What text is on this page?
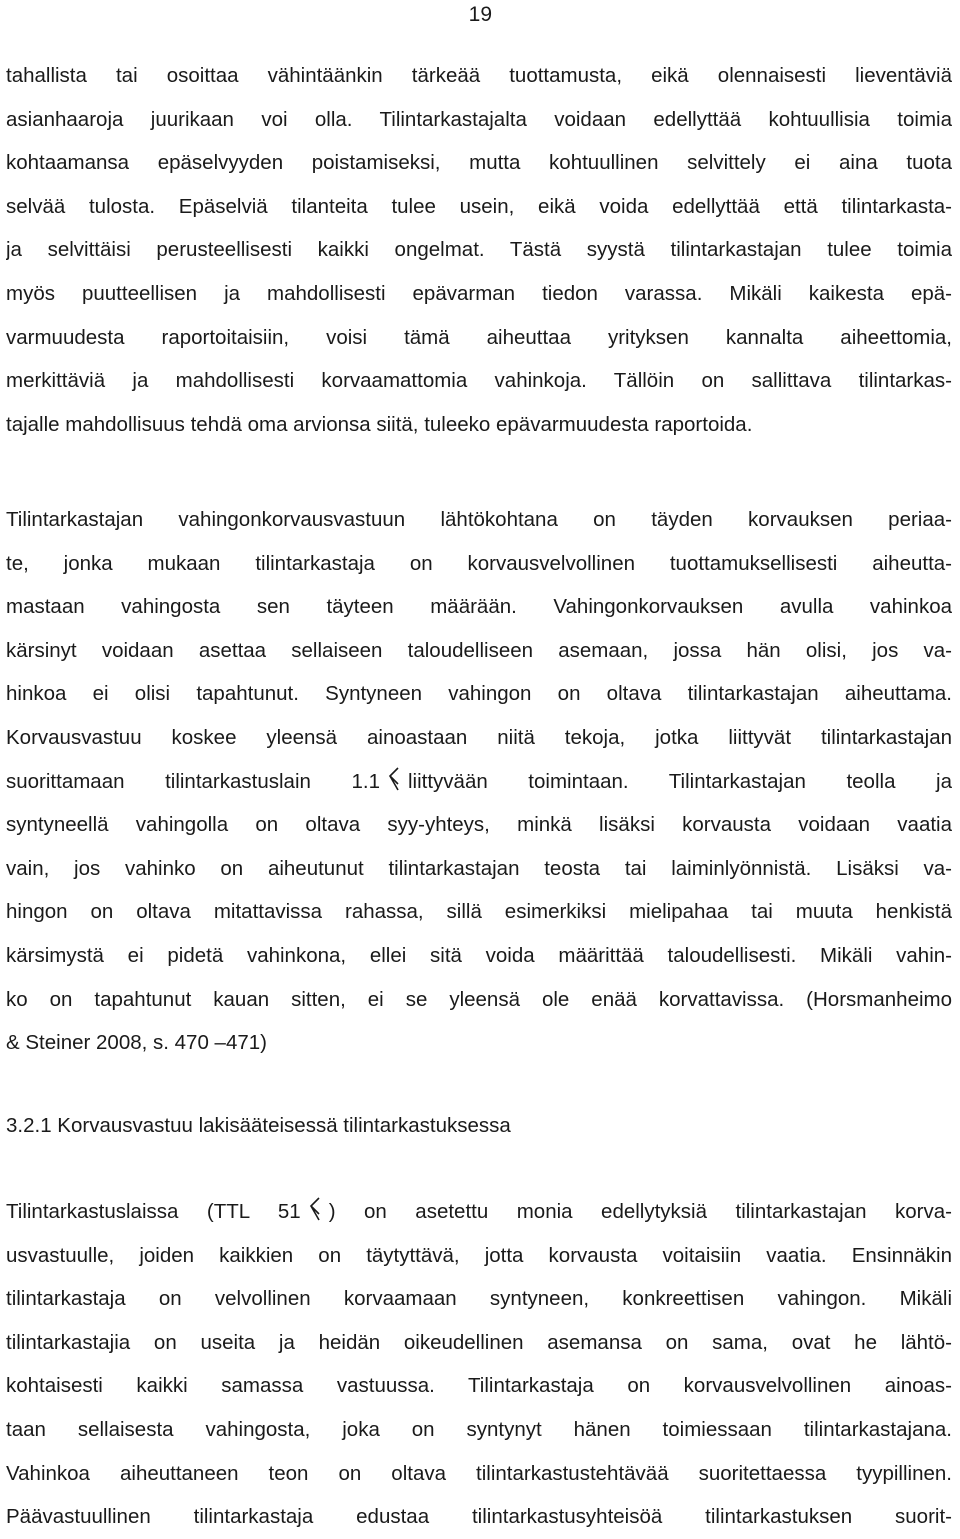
19
tahallista tai osoittaa vähintäänkin tärkeää tuottamusta, eikä olennaisesti lieventäviä
asianhaaroja juurikaan voi olla. Tilintarkastajalta voidaan edellyttää kohtuullisia toimia
kohtaamansa epäselvyyden poistamiseksi, mutta kohtuullinen selvittely ei aina tuota
selvää tulosta. Epäselviä tilanteita tulee usein, eikä voida edellyttää että tilintarkasta-
ja selvittäisi perusteellisesti kaikki ongelmat. Tästä syystä tilintarkastajan tulee toimia
myös puutteellisen ja mahdollisesti epävarman tiedon varassa. Mikäli kaikesta epä-
varmuudesta raportoitaisiin, voisi tämä aiheuttaa yrityksen kannalta aiheettomia,
merkittäviä ja mahdollisesti korvaamattomia vahinkoja. Tällöin on sallittava tilintarkas-
tajalle mahdollisuus tehdä oma arvionsa siitä, tuleeko epävarmuudesta raportoida.
Tilintarkastajan vahingonkorvausvastuun lähtökohtana on täyden korvauksen periaa-
te, jonka mukaan tilintarkastaja on korvausvelvollinen tuottamuksellisesti aiheutta-
mastaan vahingosta sen täyteen määrään. Vahingonkorvauksen avulla vahinkoa
kärsinyt voidaan asettaa sellaiseen taloudelliseen asemaan, jossa hän olisi, jos va-
hinkoa ei olisi tapahtunut. Syntyneen vahingon on oltava tilintarkastajan aiheuttama.
Korvausvastuu koskee yleensä ainoastaan niitä tekoja, jotka liittyvät tilintarkastajan
suorittamaan tilintarkastuslain 1.1 liittyvään toimintaan. Tilintarkastajan teolla ja
syntyneellä vahingolla on oltava syy-yhteys, minkä lisäksi korvausta voidaan vaatia
vain, jos vahinko on aiheutunut tilintarkastajan teosta tai laiminlyönnistä. Lisäksi va-
hingon on oltava mitattavissa rahassa, sillä esimerkiksi mielipahaa tai muuta henkistä
kärsimystä ei pidetä vahinkona, ellei sitä voida määrittää taloudellisesti. Mikäli vahin-
ko on tapahtunut kauan sitten, ei se yleensä ole enää korvattavissa. (Horsmanheimo
& Steiner 2008, s. 470 –471)
3.2.1 Korvausvastuu lakisääteisessä tilintarkastuksessa
Tilintarkastuslaissa (TTL 51 ) on asetettu monia edellytyksiä tilintarkastajan korva-
usvastuulle, joiden kaikkien on täytyttävä, jotta korvausta voitaisiin vaatia. Ensinnäkin
tilintarkastaja on velvollinen korvaamaan syntyneen, konkreettisen vahingon. Mikäli
tilintarkastajia on useita ja heidän oikeudellinen asemansa on sama, ovat he lähtö-
kohtaisesti kaikki samassa vastuussa. Tilintarkastaja on korvausvelvollinen ainoas-
taan sellaisesta vahingosta, joka on syntynyt hänen toimiessaan tilintarkastajana.
Vahinkoa aiheuttaneen teon on oltava tilintarkastustehtävää suoritettaessa tyypillinen.
Päävastuullinen tilintarkastaja edustaa tilintarkastusyhteisöä tilintarkastuksen suorit-
